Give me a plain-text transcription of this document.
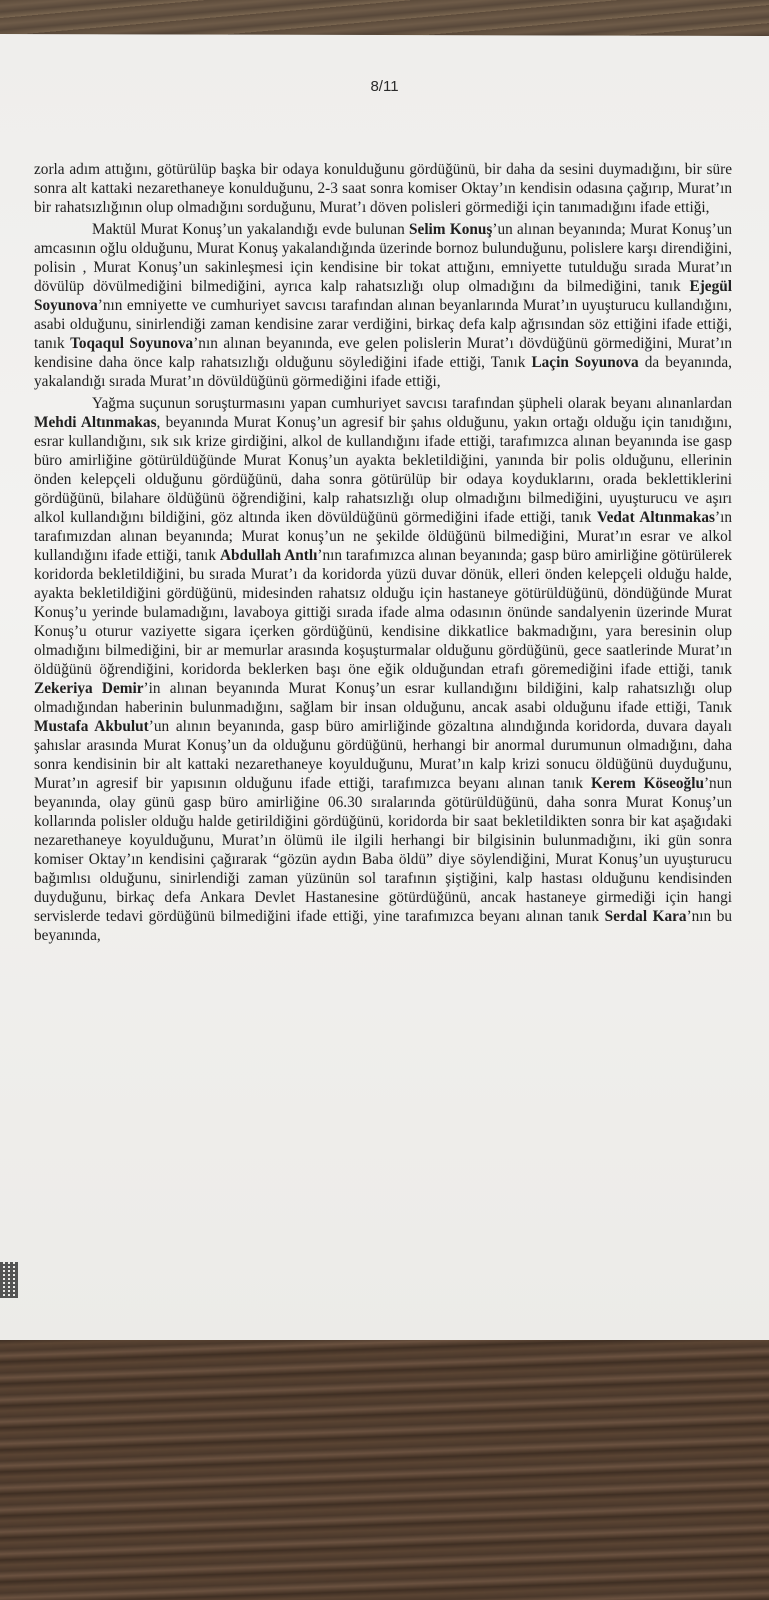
8/11

zorla adım attığını, götürülüp başka bir odaya konulduğunu gördüğünü, bir daha da sesini duymadığını, bir süre sonra alt kattaki nezarethaneye konulduğunu, 2-3 saat sonra komiser Oktay’ın kendisin odasına çağırıp, Murat’ın bir rahatsızlığının olup olmadığını sorduğunu, Murat’ı döven polisleri görmediği için tanımadığını ifade ettiği,

Maktül Murat Konuş’un yakalandığı evde bulunan Selim Konuş’un alınan beyanında; Murat Konuş’un amcasının oğlu olduğunu, Murat Konuş yakalandığında üzerinde bornoz bulunduğunu, polislere karşı direndiğini, polisin , Murat Konuş’un sakinleşmesi için kendisine bir tokat attığını, emniyette tutulduğu sırada Murat’ın dövülüp dövülmediğini bilmediğini, ayrıca kalp rahatsızlığı olup olmadığını da bilmediğini, tanık Ejegül Soyunova’nın emniyette ve cumhuriyet savcısı tarafından alınan beyanlarında Murat’ın uyuşturucu kullandığını, asabi olduğunu, sinirlendiği zaman kendisine zarar verdiğini, birkaç defa kalp ağrısından söz ettiğini ifade ettiği, tanık Toqaqul Soyunova’nın alınan beyanında, eve gelen polislerin Murat’ı dövdüğünü görmediğini, Murat’ın kendisine daha önce kalp rahatsızlığı olduğunu söylediğini ifade ettiği, Tanık Laçin Soyunova da beyanında, yakalandığı sırada Murat’ın dövüldüğünü görmediğini ifade ettiği,

Yağma suçunun soruşturmasını yapan cumhuriyet savcısı tarafından şüpheli olarak beyanı alınanlardan Mehdi Altınmakas, beyanında Murat Konuş’un agresif bir şahıs olduğunu, yakın ortağı olduğu için tanıdığını, esrar kullandığını, sık sık krize girdiğini, alkol de kullandığını ifade ettiği, tarafımızca alınan beyanında ise gasp büro amirliğine götürüldüğünde Murat Konuş’un ayakta bekletildiğini, yanında bir polis olduğunu, ellerinin önden kelepçeli olduğunu gördüğünü, daha sonra götürülüp bir odaya koyduklarını, orada beklettiklerini gördüğünü, bilahare öldüğünü öğrendiğini, kalp rahatsızlığı olup olmadığını bilmediğini, uyuşturucu ve aşırı alkol kullandığını bildiğini, göz altında iken dövüldüğünü görmediğini ifade ettiği, tanık Vedat Altınmakas’ın tarafımızdan alınan beyanında; Murat konuş’un ne şekilde öldüğünü bilmediğini, Murat’ın esrar ve alkol kullandığını ifade ettiği, tanık Abdullah Antlı’nın tarafımızca alınan beyanında; gasp büro amirliğine götürülerek koridorda bekletildiğini, bu sırada Murat’ı da koridorda yüzü duvar dönük, elleri önden kelepçeli olduğu halde, ayakta bekletildiğini gördüğünü, midesinden rahatsız olduğu için hastaneye götürüldüğünü, döndüğünde Murat Konuş’u yerinde bulamadığını, lavaboya gittiği sırada ifade alma odasının önünde sandalyenin üzerinde Murat Konuş’u oturur vaziyette sigara içerken gördüğünü, kendisine dikkatlice bakmadığını, yara beresinin olup olmadığını bilmediğini, bir ar memurlar arasında koşuşturmalar olduğunu gördüğünü, gece saatlerinde Murat’ın öldüğünü öğrendiğini, koridorda beklerken başı öne eğik olduğundan etrafı göremediğini ifade ettiği, tanık Zekeriya Demir’in alınan beyanında Murat Konuş’un esrar kullandığını bildiğini, kalp rahatsızlığı olup olmadığından haberinin bulunmadığını, sağlam bir insan olduğunu, ancak asabi olduğunu ifade ettiği, Tanık Mustafa Akbulut’un alının beyanında, gasp büro amirliğinde gözaltına alındığında koridorda, duvara dayalı şahıslar arasında Murat Konuş’un da olduğunu gördüğünü, herhangi bir anormal durumunun olmadığını, daha sonra kendisinin bir alt kattaki nezarethaneye koyulduğunu, Murat’ın kalp krizi sonucu öldüğünü duyduğunu, Murat’ın agresif bir yapısının olduğunu ifade ettiği, tarafımızca beyanı alınan tanık Kerem Köseoğlu’nun beyanında, olay günü gasp büro amirliğine 06.30 sıralarında götürüldüğünü, daha sonra Murat Konuş’un kollarında polisler olduğu halde getirildiğini gördüğünü, koridorda bir saat bekletildikten sonra bir kat aşağıdaki nezarethaneye koyulduğunu, Murat’ın ölümü ile ilgili herhangi bir bilgisinin bulunmadığını, iki gün sonra komiser Oktay’ın kendisini çağırarak “gözün aydın Baba öldü” diye söylendiğini, Murat Konuş’un uyuşturucu bağımlısı olduğunu, sinirlendiği zaman yüzünün sol tarafının şiştiğini, kalp hastası olduğunu kendisinden duyduğunu, birkaç defa Ankara Devlet Hastanesine götürdüğünü, ancak hastaneye girmediği için hangi servislerde tedavi gördüğünü bilmediğini ifade ettiği, yine tarafımızca beyanı alınan tanık Serdal Kara’nın bu beyanında,
